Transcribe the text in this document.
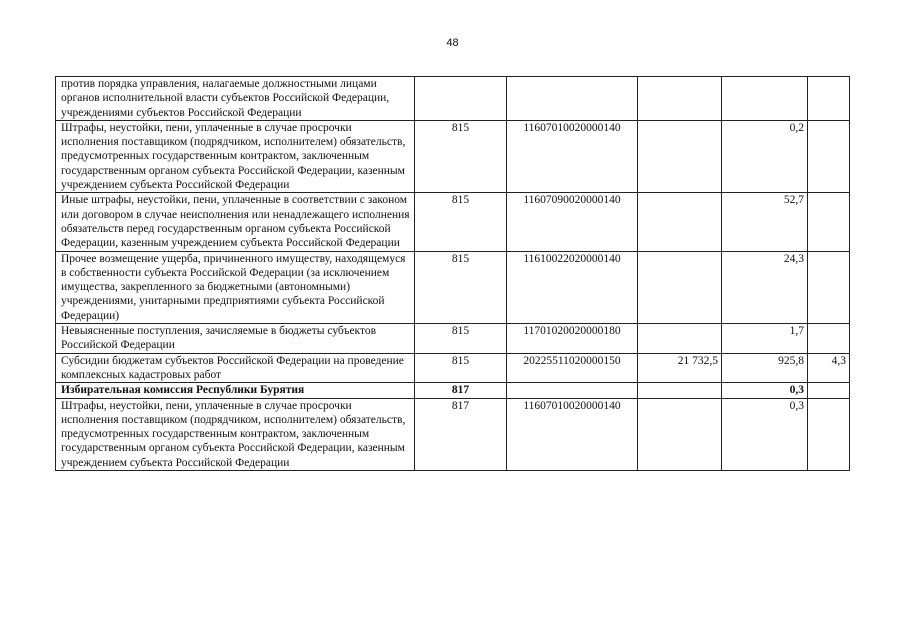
48
против порядка управления, налагаемые должностными лицами органов исполнительной власти субъектов Российской Федерации, учреждениями субъектов Российской Федерации					
Штрафы, неустойки, пени, уплаченные в случае просрочки исполнения поставщиком (подрядчиком, исполнителем) обязательств, предусмотренных государственным контрактом, заключенным государственным органом субъекта Российской Федерации, казенным учреждением субъекта Российской Федерации	815	11607010020000140		0,2	
Иные штрафы, неустойки, пени, уплаченные в соответствии с законом или договором в случае неисполнения или ненадлежащего исполнения обязательств перед государственным органом субъекта Российской Федерации, казенным учреждением субъекта Российской Федерации	815	11607090020000140		52,7	
Прочее возмещение ущерба, причиненного имуществу, находящемуся в собственности субъекта Российской Федерации (за исключением имущества, закрепленного за бюджетными (автономными) учреждениями, унитарными предприятиями субъекта Российской Федерации)	815	11610022020000140		24,3	
Невыясненные поступления, зачисляемые в бюджеты субъектов Российской Федерации	815	11701020020000180		1,7	
Субсидии бюджетам субъектов Российской Федерации на проведение комплексных кадастровых работ	815	20225511020000150	21 732,5	925,8	4,3
Избирательная комиссия Республики Бурятия	817			0,3	
Штрафы, неустойки, пени, уплаченные в случае просрочки исполнения поставщиком (подрядчиком, исполнителем) обязательств, предусмотренных государственным контрактом, заключенным государственным органом субъекта Российской Федерации, казенным учреждением субъекта Российской Федерации	817	11607010020000140		0,3	
